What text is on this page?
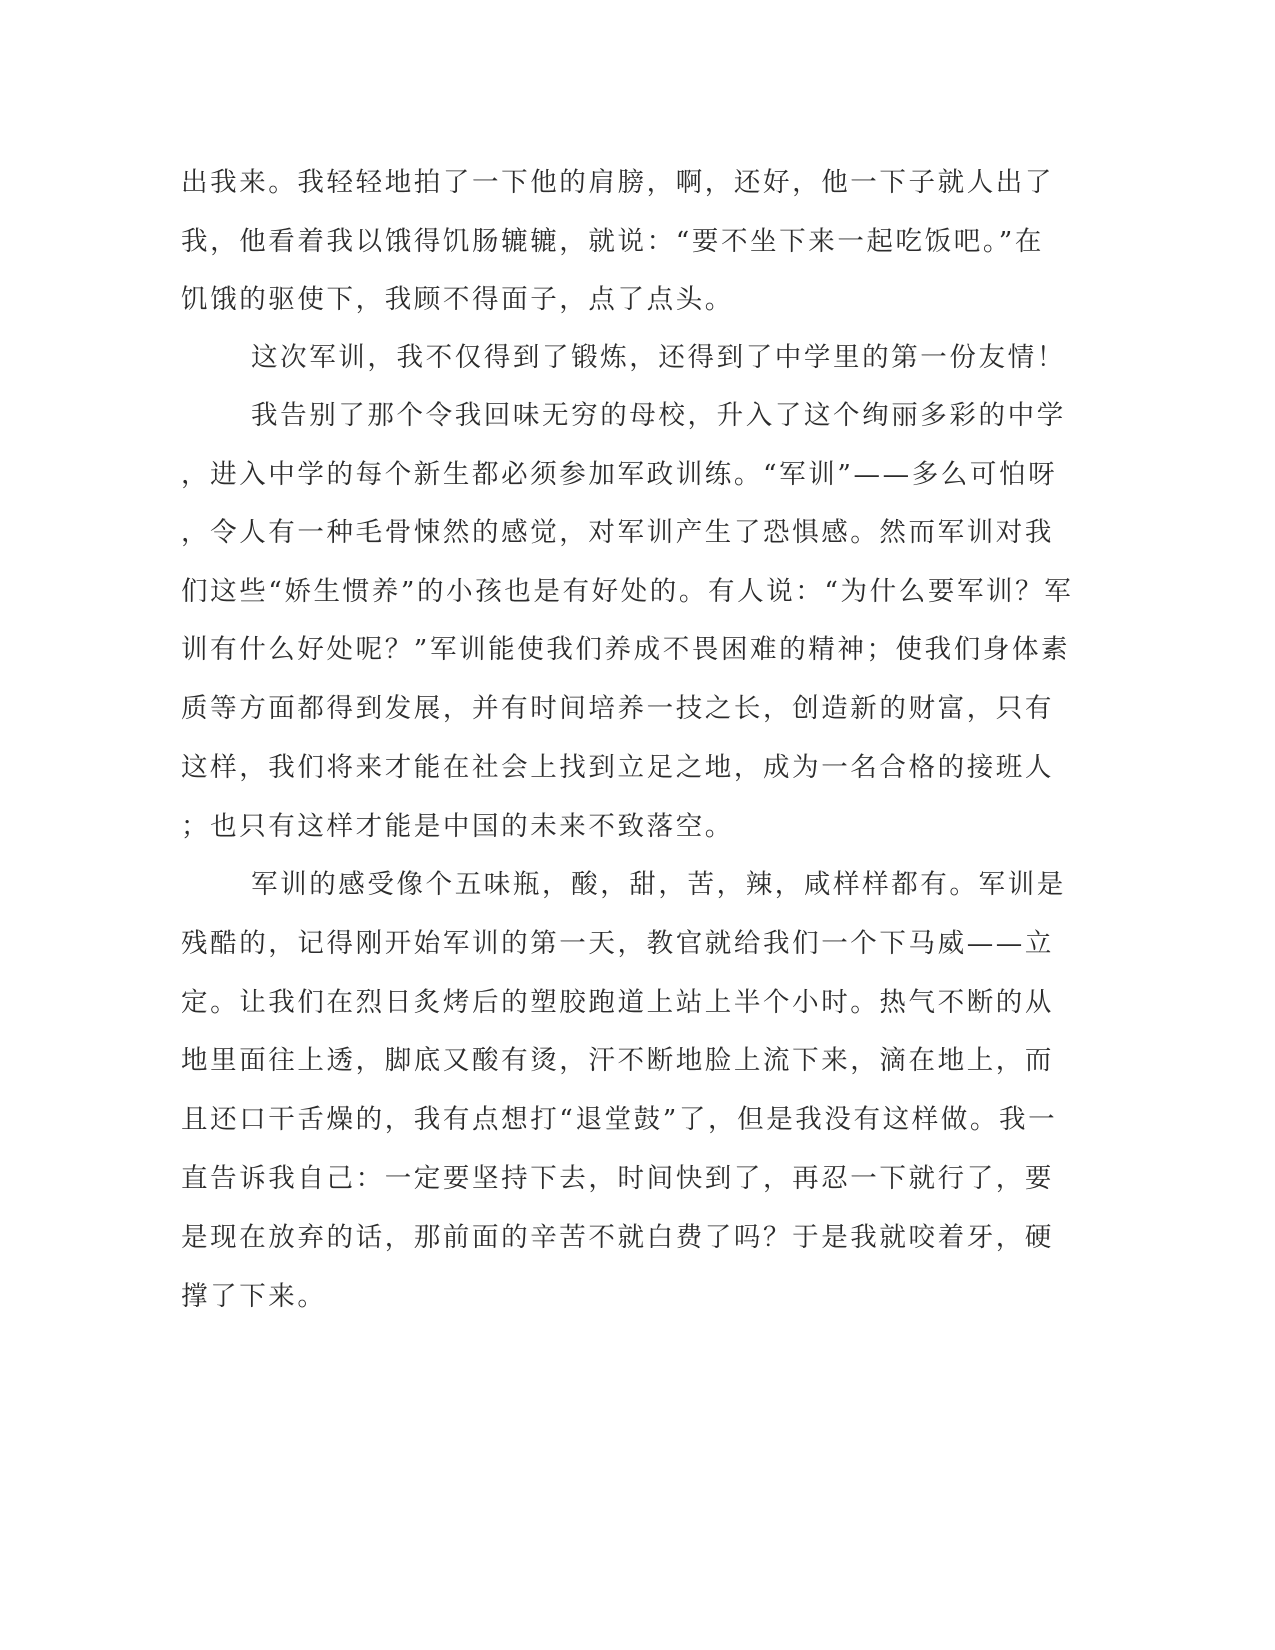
出我来。我轻轻地拍了一下他的肩膀，啊，还好，他一下子就人出了
我，他看着我以饿得饥肠辘辘，就说：“要不坐下来一起吃饭吧。”在
饥饿的驱使下，我顾不得面子，点了点头。
这次军训，我不仅得到了锻炼，还得到了中学里的第一份友情！
我告别了那个令我回味无穷的母校，升入了这个绚丽多彩的中学
，进入中学的每个新生都必须参加军政训练。“军训”——多么可怕呀
，令人有一种毛骨悚然的感觉，对军训产生了恐惧感。然而军训对我
们这些“娇生惯养”的小孩也是有好处的。有人说：“为什么要军训？军
训有什么好处呢？”军训能使我们养成不畏困难的精神；使我们身体素
质等方面都得到发展，并有时间培养一技之长，创造新的财富，只有
这样，我们将来才能在社会上找到立足之地，成为一名合格的接班人
；也只有这样才能是中国的未来不致落空。
军训的感受像个五味瓶，酸，甜，苦，辣，咸样样都有。军训是
残酷的，记得刚开始军训的第一天，教官就给我们一个下马威——立
定。让我们在烈日炙烤后的塑胶跑道上站上半个小时。热气不断的从
地里面往上透，脚底又酸有烫，汗不断地脸上流下来，滴在地上，而
且还口干舌燥的，我有点想打“退堂鼓”了，但是我没有这样做。我一
直告诉我自己：一定要坚持下去，时间快到了，再忍一下就行了，要
是现在放弃的话，那前面的辛苦不就白费了吗？于是我就咬着牙，硬
撑了下来。
